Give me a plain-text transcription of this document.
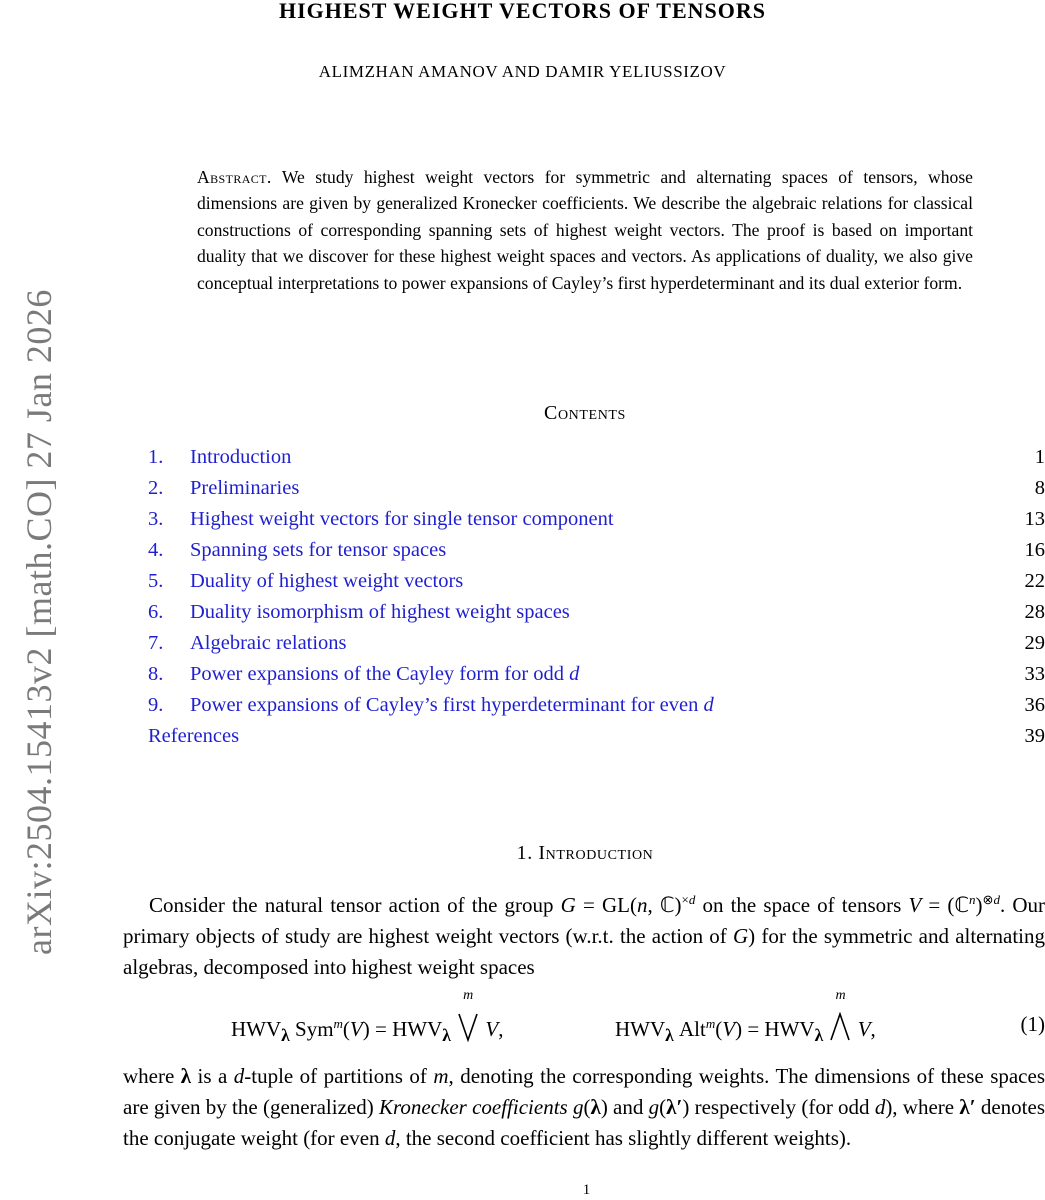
arXiv:2504.15413v2 [math.CO] 27 Jan 2026
HIGHEST WEIGHT VECTORS OF TENSORS
ALIMZHAN AMANOV AND DAMIR YELIUSSIZOV
Abstract. We study highest weight vectors for symmetric and alternating spaces of tensors, whose dimensions are given by generalized Kronecker coefficients. We describe the algebraic relations for classical constructions of corresponding spanning sets of highest weight vectors. The proof is based on important duality that we discover for these highest weight spaces and vectors. As applications of duality, we also give conceptual interpretations to power expansions of Cayley’s first hyperdeterminant and its dual exterior form.
Contents
1. Introduction	1
2. Preliminaries	8
3. Highest weight vectors for single tensor component	13
4. Spanning sets for tensor spaces	16
5. Duality of highest weight vectors	22
6. Duality isomorphism of highest weight spaces	28
7. Algebraic relations	29
8. Power expansions of the Cayley form for odd d	33
9. Power expansions of Cayley’s first hyperdeterminant for even d	36
References	39
1. Introduction
Consider the natural tensor action of the group G = GL(n, ℂ)$^{\times d}$ on the space of tensors V = (ℂ$^n$)$^{\otimes d}$. Our primary objects of study are highest weight vectors (w.r.t. the action of G) for the symmetric and alternating algebras, decomposed into highest weight spaces
$HWV_\lambda$ $Sym^m(V) = HWV_\lambda$
m
V,	$HWV_\lambda$ $Alt^m(V) = HWV_\lambda$
m
V,	(1)
where λ is a d-tuple of partitions of m, denoting the corresponding weights. The dimensions of these spaces are given by the (generalized) Kronecker coefficients g(λ) and g(λ′) respectively (for odd d), where λ′ denotes the conjugate weight (for even d, the second coefficient has slightly different weights).
1
